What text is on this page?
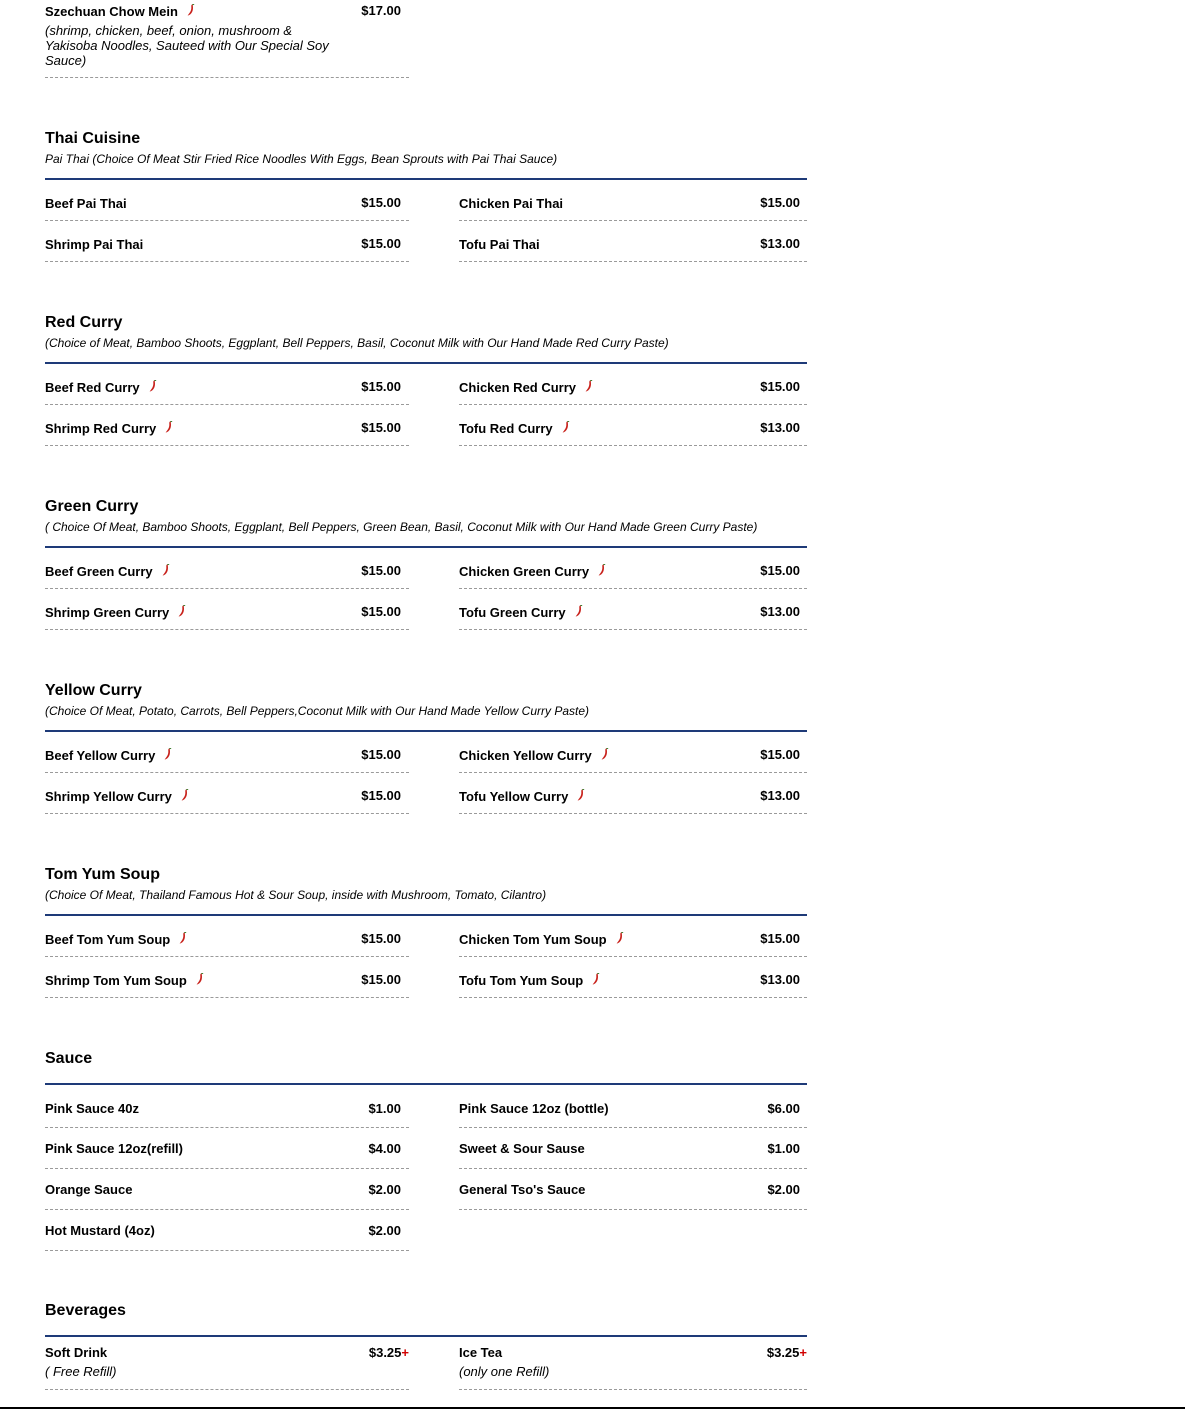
Szechuan Chow Mein	$17.00
(shrimp, chicken, beef, onion, mushroom & Yakisoba Noodles, Sauteed with Our Special Soy Sauce)
Thai Cuisine
Pai Thai (Choice Of Meat Stir Fried Rice Noodles With Eggs, Bean Sprouts with Pai Thai Sauce)
Beef Pai Thai	$15.00	Chicken Pai Thai	$15.00
Shrimp Pai Thai	$15.00	Tofu Pai Thai	$13.00
Red Curry
(Choice of Meat, Bamboo Shoots, Eggplant, Bell Peppers, Basil, Coconut Milk with Our Hand Made Red Curry Paste)
Beef Red Curry	$15.00	Chicken Red Curry	$15.00
Shrimp Red Curry	$15.00	Tofu Red Curry	$13.00
Green Curry
( Choice Of Meat, Bamboo Shoots, Eggplant, Bell Peppers, Green Bean, Basil, Coconut Milk with Our Hand Made Green Curry Paste)
Beef Green Curry	$15.00	Chicken Green Curry	$15.00
Shrimp Green Curry	$15.00	Tofu Green Curry	$13.00
Yellow Curry
(Choice Of Meat, Potato, Carrots, Bell Peppers,Coconut Milk with Our Hand Made Yellow Curry Paste)
Beef Yellow Curry	$15.00	Chicken Yellow Curry	$15.00
Shrimp Yellow Curry	$15.00	Tofu Yellow Curry	$13.00
Tom Yum Soup
(Choice Of Meat, Thailand Famous Hot & Sour Soup, inside with Mushroom, Tomato, Cilantro)
Beef Tom Yum Soup	$15.00	Chicken Tom Yum Soup	$15.00
Shrimp Tom Yum Soup	$15.00	Tofu Tom Yum Soup	$13.00
Sauce
Pink Sauce 40z	$1.00	Pink Sauce 12oz (bottle)	$6.00
Pink Sauce 12oz(refill)	$4.00	Sweet & Sour Sause	$1.00
Orange Sauce	$2.00	General Tso's Sauce	$2.00
Hot Mustard (4oz)	$2.00
Beverages
Soft Drink	$3.25+
( Free Refill)
Ice Tea	$3.25+
(only one Refill)
